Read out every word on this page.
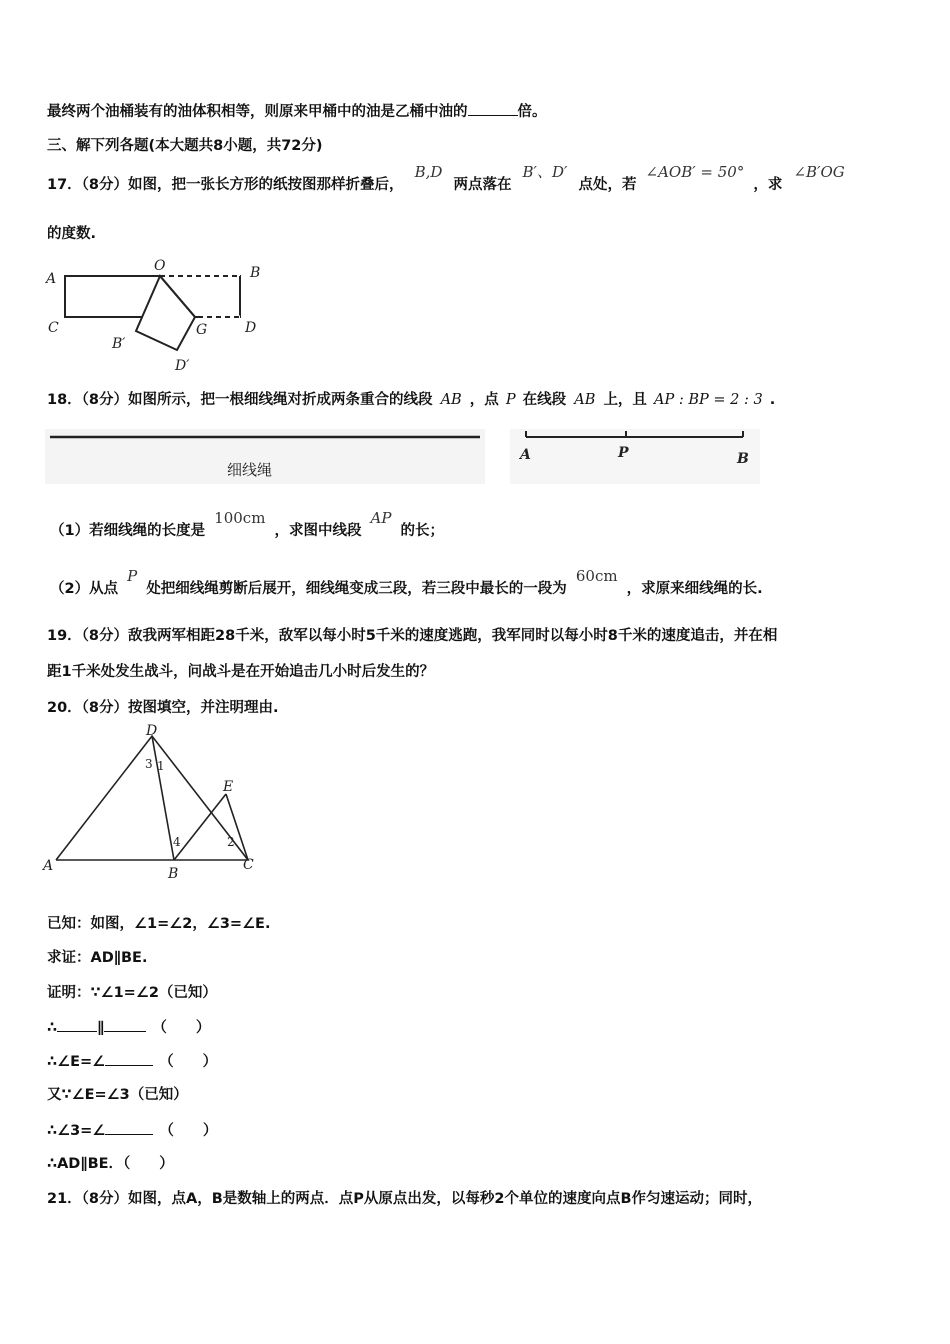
最终两个油桶装有的油体积相等，则原来甲桶中的油是乙桶中油的	倍。
三、解下列各题(本大题共8小题，共72分)
17．（8分）如图，把一张长方形的纸按图那样折叠后， B,D 两点落在 B′、D′ 点处，若 ∠AOB′ = 50° ，求 ∠B′OG
的度数.
A
O	B
C	G	D
B′
D′
18．（8分）如图所示，把一根细线绳对折成两条重合的线段 AB ，点 P 在线段 AB 上，且 AP : BP = 2 : 3 .
细线绳
A	P	B
（1）若细线绳的长度是 100cm ，求图中线段 AP 的长；
（2）从点 P 处把细线绳剪断后展开，细线绳变成三段，若三段中最长的一段为 60cm ，求原来细线绳的长.
19．（8分）敌我两军相距28千米，敌军以每小时5千米的速度逃跑，我军同时以每小时8千米的速度追击，并在相
距1千米处发生战斗，问战斗是在开始追击几小时后发生的？
20．（8分）按图填空，并注明理由.
D
A	B
C
E
1
3
2
4
已知：如图，∠1=∠2，∠3=∠E.
求证：AD∥BE.
证明：∵∠1=∠2（已知）
∴	∥	（　　）
∴∠E=∠	（　　）
又∵∠E=∠3（已知）
∴∠3=∠	（　　）
∴AD∥BE．（　　）
21．（8分）如图，点A，B是数轴上的两点．点P从原点出发，以每秒2个单位的速度向点B作匀速运动；同时，
